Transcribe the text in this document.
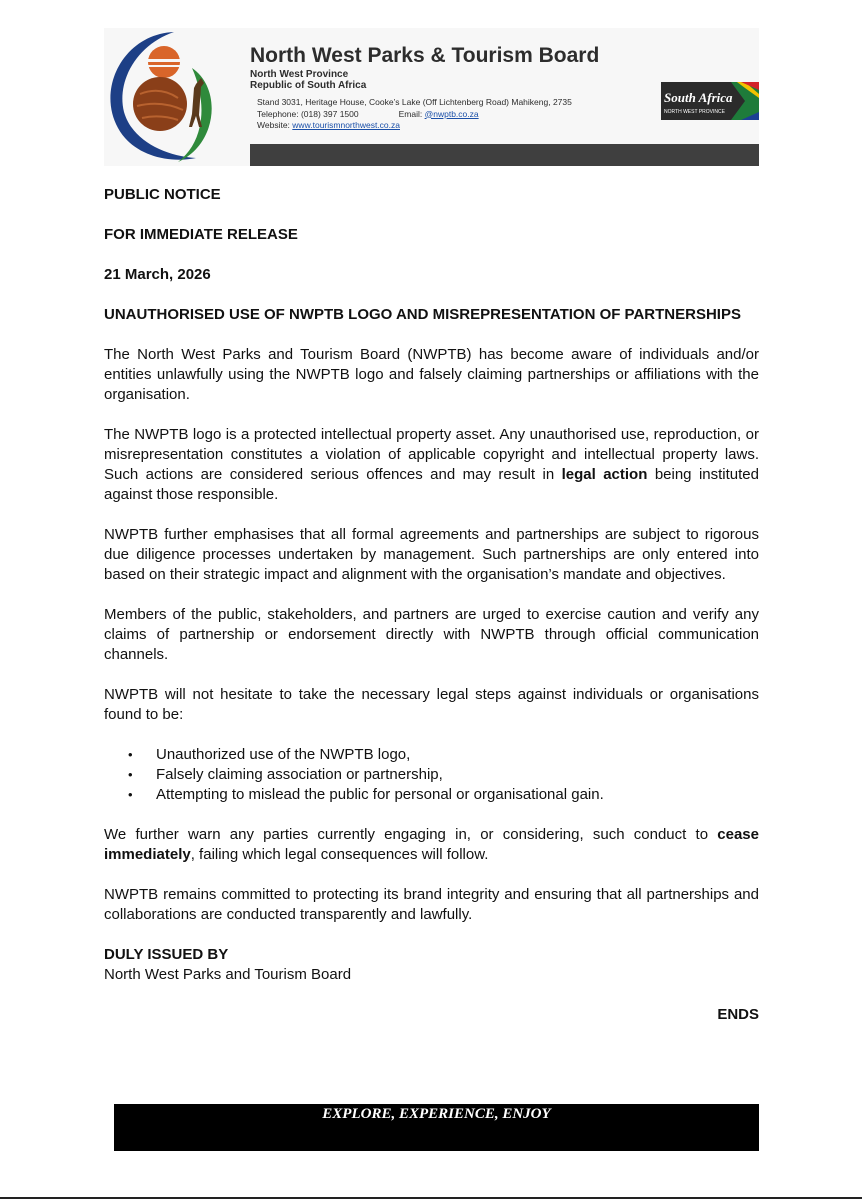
North West Parks & Tourism Board
North West Province
Republic of South Africa
Stand 3031, Heritage House, Cooke’s Lake (Off Lichtenberg Road) Mahikeng, 2735
Telephone: (018) 397 1500	Email: @nwptb.co.za
Website: www.tourismnorthwest.co.za
South Africa
NORTH WEST PROVINCE

PUBLIC NOTICE

FOR IMMEDIATE RELEASE

21 March, 2026

UNAUTHORISED USE OF NWPTB LOGO AND MISREPRESENTATION OF PARTNERSHIPS

The North West Parks and Tourism Board (NWPTB) has become aware of individuals and/or entities unlawfully using the NWPTB logo and falsely claiming partnerships or affiliations with the organisation.

The NWPTB logo is a protected intellectual property asset. Any unauthorised use, reproduction, or misrepresentation constitutes a violation of applicable copyright and intellectual property laws. Such actions are considered serious offences and may result in legal action being instituted against those responsible.

NWPTB further emphasises that all formal agreements and partnerships are subject to rigorous due diligence processes undertaken by management. Such partnerships are only entered into based on their strategic impact and alignment with the organisation’s mandate and objectives.

Members of the public, stakeholders, and partners are urged to exercise caution and verify any claims of partnership or endorsement directly with NWPTB through official communication channels.

NWPTB will not hesitate to take the necessary legal steps against individuals or organisations found to be:

• Unauthorized use of the NWPTB logo,
• Falsely claiming association or partnership,
• Attempting to mislead the public for personal or organisational gain.

We further warn any parties currently engaging in, or considering, such conduct to cease immediately, failing which legal consequences will follow.

NWPTB remains committed to protecting its brand integrity and ensuring that all partnerships and collaborations are conducted transparently and lawfully.

DULY ISSUED BY

North West Parks and Tourism Board

ENDS

EXPLORE, EXPERIENCE, ENJOY
